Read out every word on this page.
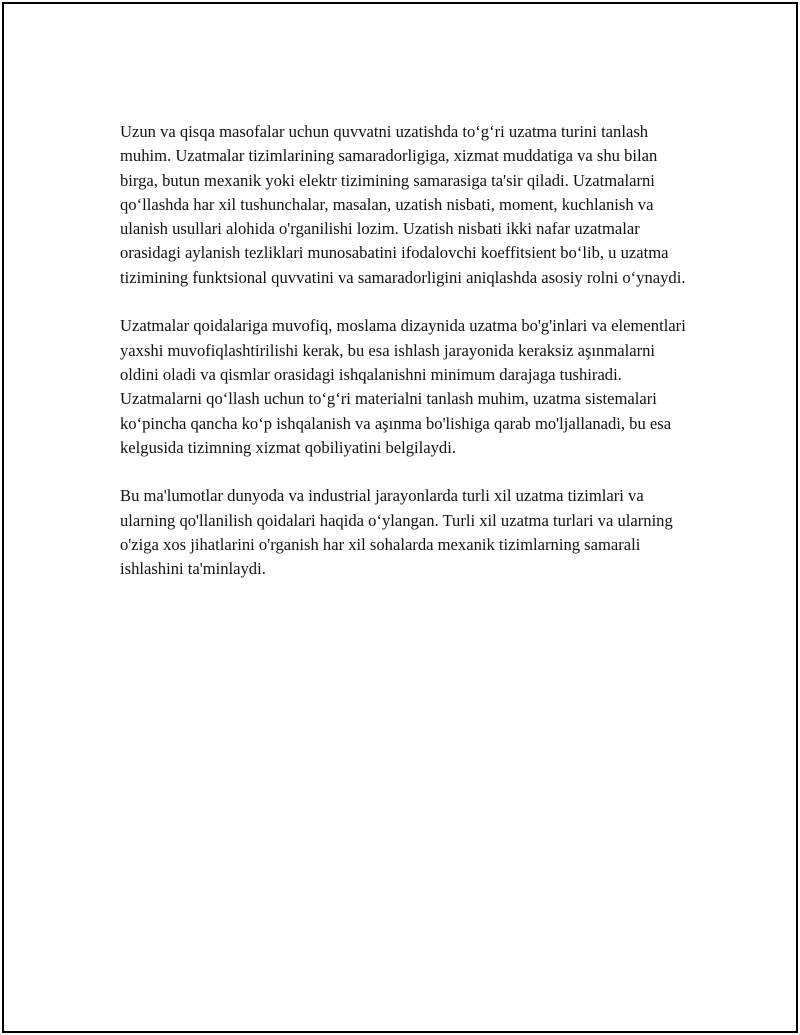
Uzun va qisqa masofalar uchun quvvatni uzatishda to‘g‘ri uzatma turini tanlash muhim. Uzatmalar tizimlarining samaradorligiga, xizmat muddatiga va shu bilan birga, butun mexanik yoki elektr tizimining samarasiga ta'sir qiladi. Uzatmalarni qo‘llashda har xil tushunchalar, masalan, uzatish nisbati, moment, kuchlanish va ulanish usullari alohida o'rganilishi lozim. Uzatish nisbati ikki nafar uzatmalar orasidagi aylanish tezliklari munosabatini ifodalovchi koeffitsient bo‘lib, u uzatma tizimining funktsional quvvatini va samaradorligini aniqlashda asosiy rolni o‘ynaydi.

Uzatmalar qoidalariga muvofiq, moslama dizaynida uzatma bo'g'inlari va elementlari yaxshi muvofiqlashtirilishi kerak, bu esa ishlash jarayonida keraksiz aşınmalarni oldini oladi va qismlar orasidagi ishqalanishni minimum darajaga tushiradi. Uzatmalarni qo‘llash uchun to‘g‘ri materialni tanlash muhim, uzatma sistemalari ko‘pincha qancha ko‘p ishqalanish va aşınma bo'lishiga qarab mo'ljallanadi, bu esa kelgusida tizimning xizmat qobiliyatini belgilaydi.

Bu ma'lumotlar dunyoda va industrial jarayonlarda turli xil uzatma tizimlari va ularning qo'llanilish qoidalari haqida o‘ylangan. Turli xil uzatma turlari va ularning o'ziga xos jihatlarini o'rganish har xil sohalarda mexanik tizimlarning samarali ishlashini ta'minlaydi.
